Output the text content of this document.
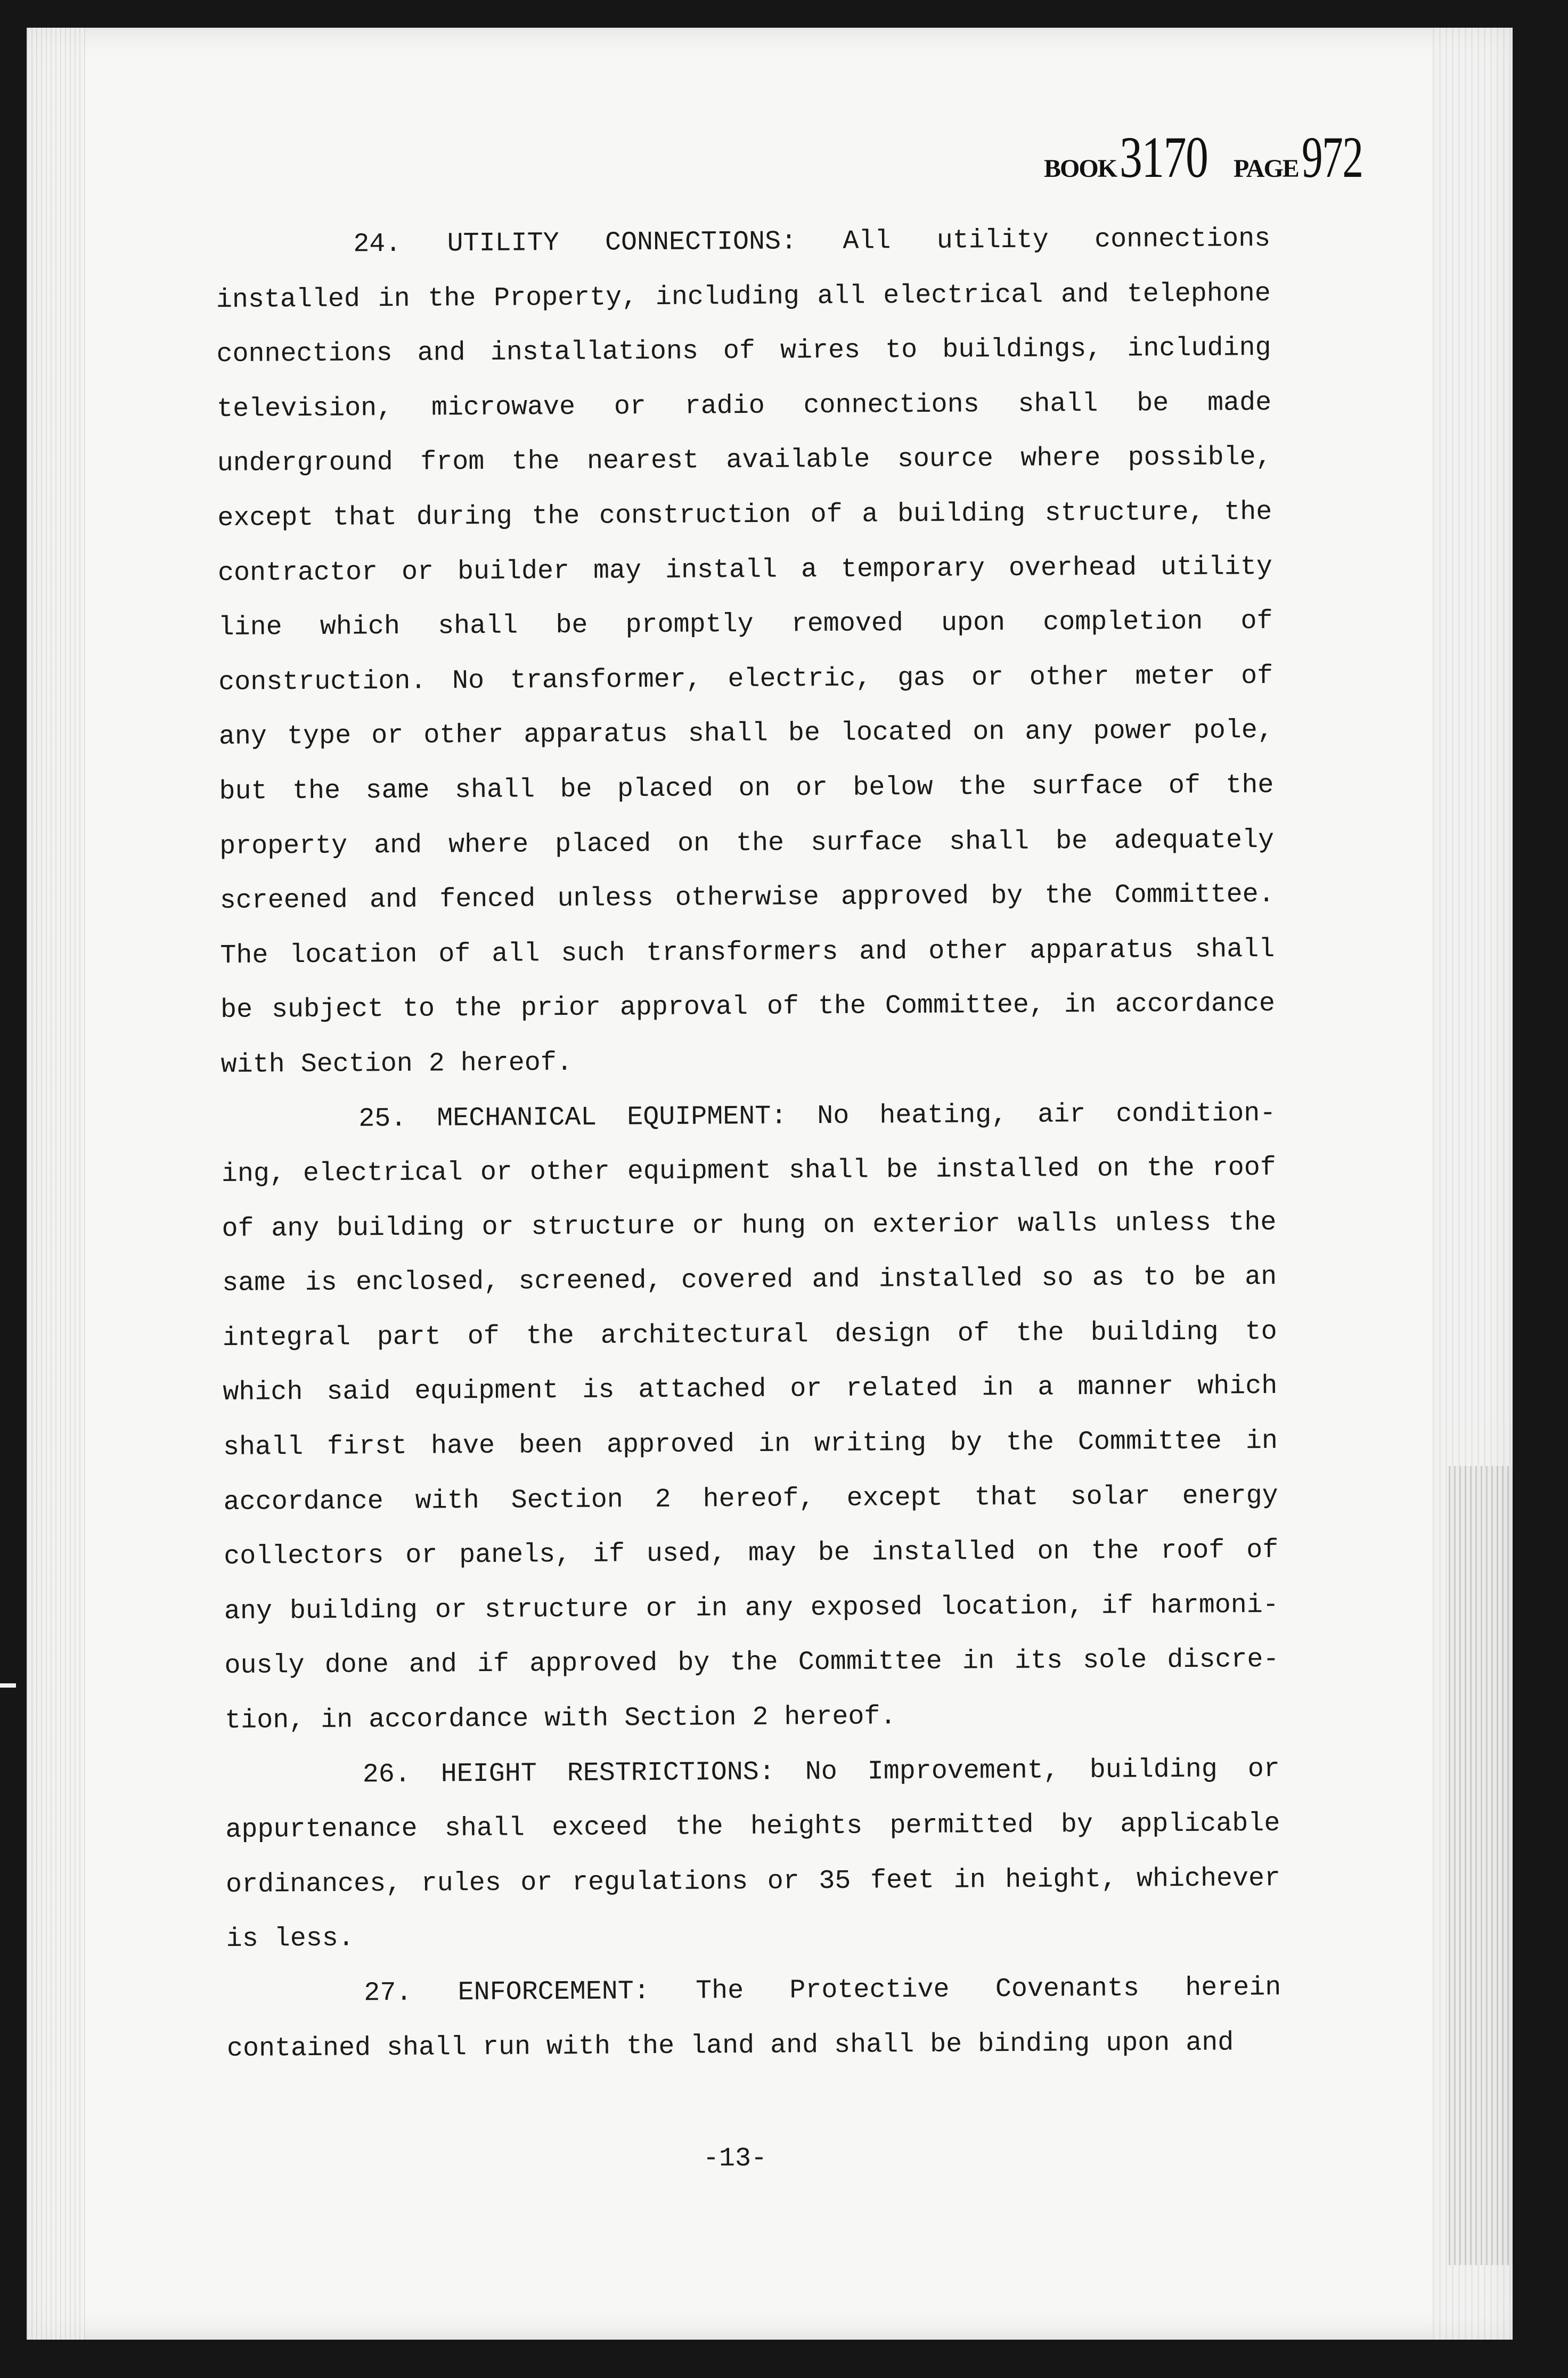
BOOK3170 PAGE972
24. UTILITY CONNECTIONS: All utility connections
installed in the Property, including all electrical and telephone
connections and installations of wires to buildings, including
television, microwave or radio connections shall be made
underground from the nearest available source where possible,
except that during the construction of a building structure, the
contractor or builder may install a temporary overhead utility
line which shall be promptly removed upon completion of
construction. No transformer, electric, gas or other meter of
any type or other apparatus shall be located on any power pole,
but the same shall be placed on or below the surface of the
property and where placed on the surface shall be adequately
screened and fenced unless otherwise approved by the Committee.
The location of all such transformers and other apparatus shall
be subject to the prior approval of the Committee, in accordance
with Section 2 hereof.
25. MECHANICAL EQUIPMENT: No heating, air condition-
ing, electrical or other equipment shall be installed on the roof
of any building or structure or hung on exterior walls unless the
same is enclosed, screened, covered and installed so as to be an
integral part of the architectural design of the building to
which said equipment is attached or related in a manner which
shall first have been approved in writing by the Committee in
accordance with Section 2 hereof, except that solar energy
collectors or panels, if used, may be installed on the roof of
any building or structure or in any exposed location, if harmoni-
ously done and if approved by the Committee in its sole discre-
tion, in accordance with Section 2 hereof.
26. HEIGHT RESTRICTIONS: No Improvement, building or
appurtenance shall exceed the heights permitted by applicable
ordinances, rules or regulations or 35 feet in height, whichever
is less.
27. ENFORCEMENT: The Protective Covenants herein
contained shall run with the land and shall be binding upon and
-13-
